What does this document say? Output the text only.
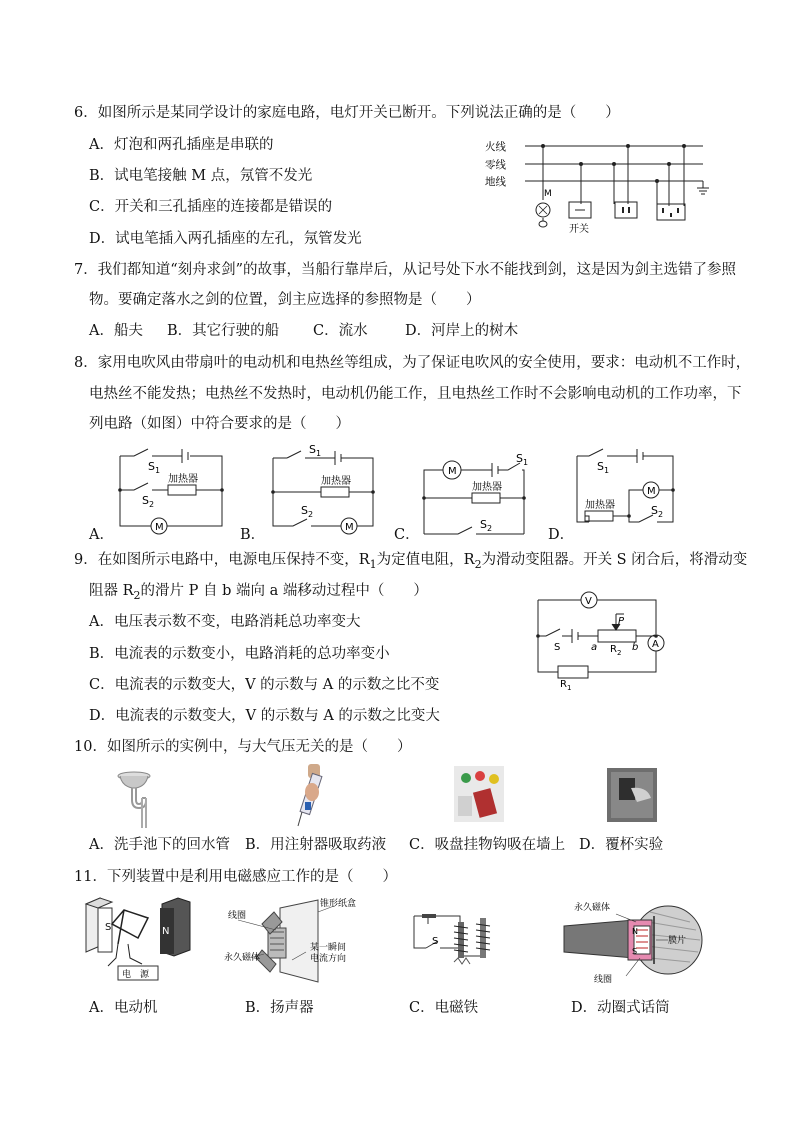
6．如图所示是某同学设计的家庭电路，电灯开关已断开。下列说法正确的是（　　）
A．灯泡和两孔插座是串联的
B．试电笔接触 M 点，氖管不发光
C．开关和三孔插座的连接都是错误的
D．试电笔插入两孔插座的左孔，氖管发光
火线
零线
地线
M
开关
7．我们都知道“刻舟求剑”的故事，当船行靠岸后，从记号处下水不能找到剑，这是因为剑主选错了参照
物。要确定落水之剑的位置，剑主应选择的参照物是（　　）
A．船夫 B．其它行驶的船 C．流水	D．河岸上的树木
8．家用电吹风由带扇叶的电动机和电热丝等组成，为了保证电吹风的安全使用，要求：电动机不工作时，
电热丝不能发热；电热丝不发热时，电动机仍能工作，且电热丝工作时不会影响电动机的工作功率，下
列电路（如图）中符合要求的是（　　）
A．
$S_1$
$S_2$
加热器
M	B．
$S_1$
$S_2$
加热器
M	C．
M
$S_1$
加热器
$S_2$	D．
$S_1$
加热器
M
$S_2$
9．在如图所示电路中，电源电压保持不变，$R_1$为定值电阻，$R_2$为滑动变阻器。开关 S 闭合后，将滑动变
阻器 $R_2$的滑片 P 自 b 端向 a 端移动过程中（　　）
A．电压表示数不变，电路消耗总功率变大
B．电流表的示数变小，电路消耗的总功率变小
C．电流表的示数变大，V 的示数与 A 的示数之比不变
D．电流表的示数变大，V 的示数与 A 的示数之比变大
V
A
P
S	a $R_2$ b
$R_1$
10．如图所示的实例中，与大气压无关的是（　　）
A．洗手池下的回水管 B．用注射器吸取药液 C．吸盘挂物钩吸在墙上 D．覆杯实验
11．下列装置中是利用电磁感应工作的是（　　）
S	N
电　源
线圈
锥形纸盒
永久磁体
某一瞬间
电流方向
S
N
S
永久磁体
膜片
线圈
A．电动机	B．扬声器	C．电磁铁	D．动圈式话筒
